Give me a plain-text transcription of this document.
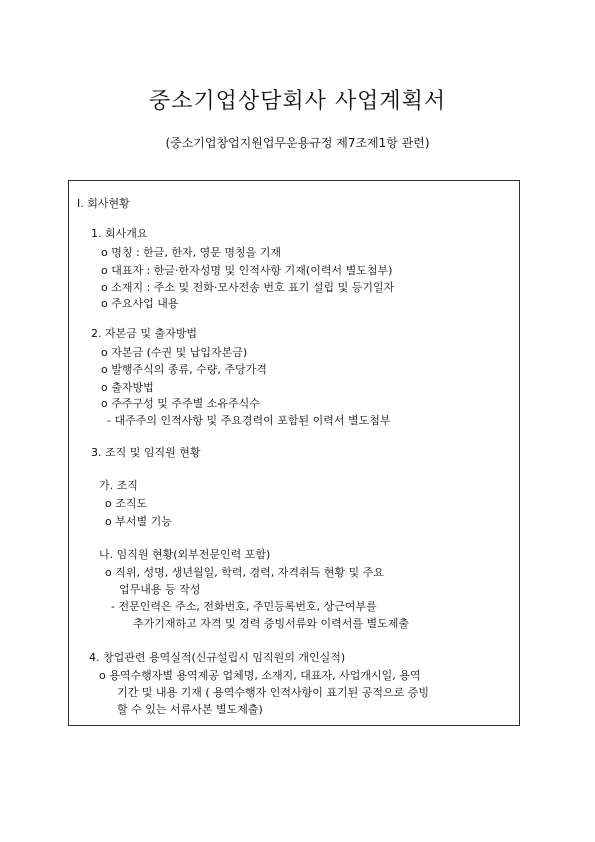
중소기업상담회사 사업계획서
(중소기업창업지원업무운용규정 제7조제1항 관련)
Ⅰ. 회사현황
1. 회사개요
o 명칭 : 한글, 한자, 영문 명칭을 기재
o 대표자 : 한글·한자성명 및 인적사항 기재(이력서 별도첨부)
o 소재지 : 주소 및 전화·모사전송 번호 표기 설립 및 등기일자
o 주요사업 내용
2. 자본금 및 출자방법
o 자본금 (수권 및 납입자본금)
o 발행주식의 종류, 수량, 주당가격
o 출자방법
o 주주구성 및 주주별 소유주식수
- 대주주의 인적사항 및 주요경력이 포함된 이력서 별도첨부
3. 조직 및 임직원 현황
가. 조직
o 조직도
o 부서별 기능
나. 임직원 현황(외부전문인력 포함)
o 직위, 성명, 생년월일, 학력, 경력, 자격취득 현황 및 주요
업무내용 등 작성
- 전문인력은 주소, 전화번호, 주민등록번호, 상근여부를
추가기재하고 자격 및 경력 증빙서류와 이력서를 별도제출
4. 창업관련 용역실적(신규설립시 임직원의 개인실적)
o 용역수행자별 용역제공 업체명, 소재지, 대표자, 사업개시일, 용역
기간 및 내용 기재 ( 용역수행자 인적사항이 표기된 공적으로 증빙
할 수 있는 서류사본 별도제출)
